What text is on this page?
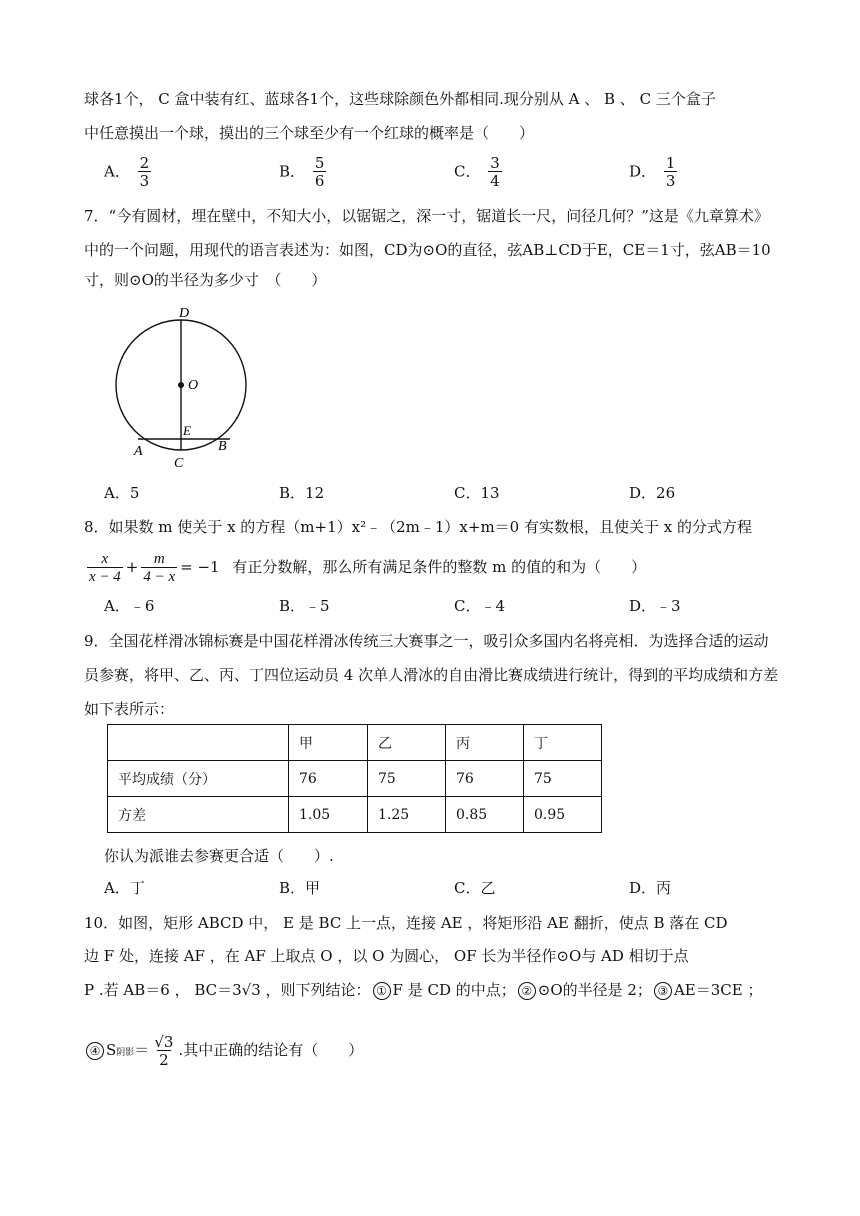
球各1个， C 盒中装有红、蓝球各1个，这些球除颜色外都相同.现分别从 A 、 B 、 C 三个盒子
中任意摸出一个球，摸出的三个球至少有一个红球的概率是（　　）
A． $\frac{2}{3}$	B． $\frac{5}{6}$	C． $\frac{3}{4}$	D． $\frac{1}{3}$
7．“今有圆材，埋在壁中，不知大小，以锯锯之，深一寸，锯道长一尺，问径几何？”这是《九章算术》
中的一个问题，用现代的语言表述为：如图，CD为⊙O的直径，弦AB⊥CD于E，CE＝1寸，弦AB＝10
寸，则⊙O的半径为多少寸　（　　）
D
O
E
A	B
C
A．5	B．12	C．13	D．26
8．如果数 m 使关于 x 的方程（m+1）x²﹣（2m﹣1）x+m＝0 有实数根，且使关于 x 的分式方程
$\frac{x}{x - 4} + \frac{m}{4 - x} = -1$ 有正分数解，那么所有满足条件的整数 m 的值的和为（　　）
A．﹣6	B．﹣5	C．﹣4	D．﹣3
9．全国花样滑冰锦标赛是中国花样滑冰传统三大赛事之一，吸引众多国内名将亮相．为选择合适的运动
员参赛，将甲、乙、丙、丁四位运动员 4 次单人滑冰的自由滑比赛成绩进行统计，得到的平均成绩和方差
如下表所示：
	甲	乙	丙	丁
平均成绩（分）	76	75	76	75
方差	1.05	1.25	0.85	0.95
你认为派谁去参赛更合适（　　）.
A．丁	B．甲	C．乙	D．丙
10．如图，矩形 ABCD 中， E 是 BC 上一点，连接 AE ，将矩形沿 AE 翻折，使点 B 落在 CD
边 F 处，连接 AF ，在 AF 上取点 O ，以 O 为圆心， OF 长为半径作⊙O与 AD 相切于点
P .若 AB＝6 ， BC＝3√3 ，则下列结论： ① F 是 CD 的中点； ② ⊙O的半径是 2； ③ AE＝3CE ；
④ S阴影＝ $\frac{√3}{2}$ .其中正确的结论有（　　）
